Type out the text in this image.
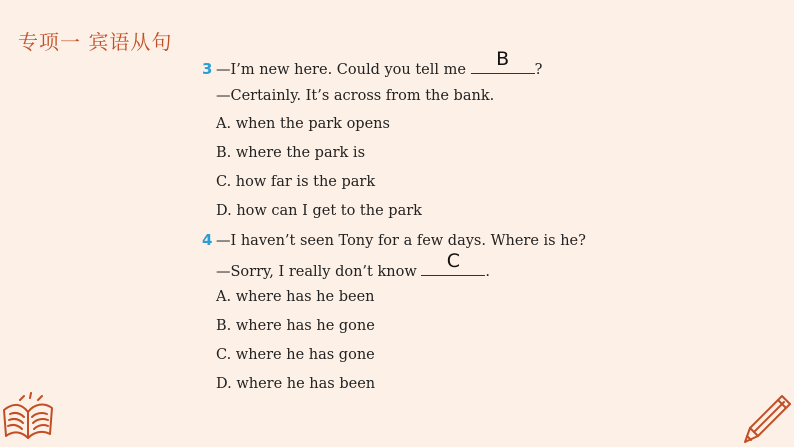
专项一 宾语从句
3 —I’m new here. Could you tell me	B	?
—Certainly. It’s across from the bank.
A. when the park opens
B. where the park is
C. how far is the park
D. how can I get to the park
4 —I haven’t seen Tony for a few days. Where is he?
—Sorry, I really don’t know	C	.
A. where has he been
B. where has he gone
C. where he has gone
D. where he has been
